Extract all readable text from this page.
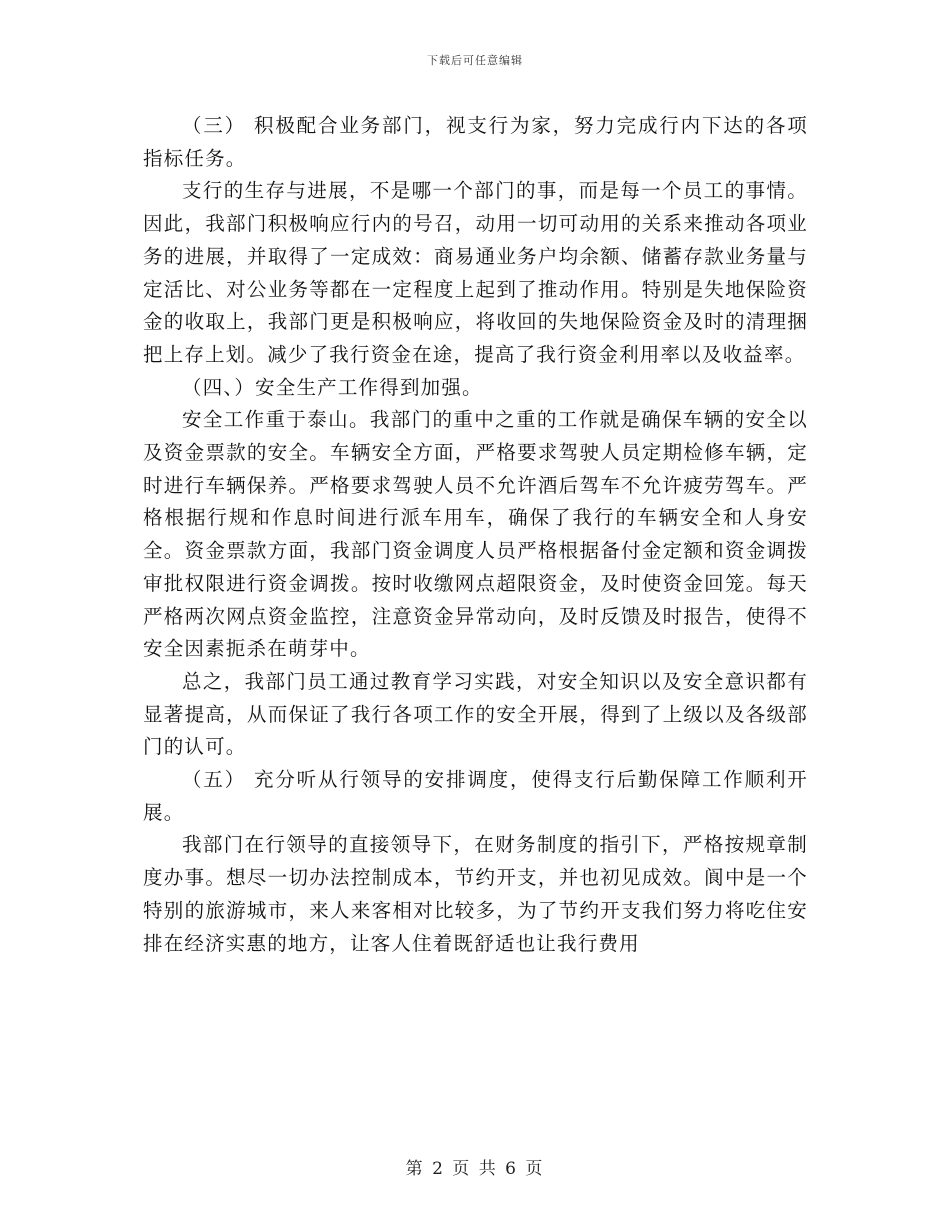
下载后可任意编辑

（三） 积极配合业务部门，视支行为家，努力完成行内下达的各项指标任务。

支行的生存与进展，不是哪一个部门的事，而是每一个员工的事情。因此，我部门积极响应行内的号召，动用一切可动用的关系来推动各项业务的进展，并取得了一定成效：商易通业务户均余额、储蓄存款业务量与定活比、对公业务等都在一定程度上起到了推动作用。特别是失地保险资金的收取上，我部门更是积极响应，将收回的失地保险资金及时的清理捆把上存上划。减少了我行资金在途，提高了我行资金利用率以及收益率。

（四、）安全生产工作得到加强。

安全工作重于泰山。我部门的重中之重的工作就是确保车辆的安全以及资金票款的安全。车辆安全方面，严格要求驾驶人员定期检修车辆，定时进行车辆保养。严格要求驾驶人员不允许酒后驾车不允许疲劳驾车。严格根据行规和作息时间进行派车用车，确保了我行的车辆安全和人身安全。资金票款方面，我部门资金调度人员严格根据备付金定额和资金调拨审批权限进行资金调拨。按时收缴网点超限资金，及时使资金回笼。每天严格两次网点资金监控，注意资金异常动向，及时反馈及时报告，使得不安全因素扼杀在萌芽中。

总之，我部门员工通过教育学习实践，对安全知识以及安全意识都有显著提高，从而保证了我行各项工作的安全开展，得到了上级以及各级部门的认可。

（五） 充分听从行领导的安排调度，使得支行后勤保障工作顺利开展。

我部门在行领导的直接领导下，在财务制度的指引下，严格按规章制度办事。想尽一切办法控制成本，节约开支，并也初见成效。阆中是一个特别的旅游城市，来人来客相对比较多，为了节约开支我们努力将吃住安排在经济实惠的地方，让客人住着既舒适也让我行费用

第 2 页 共 6 页
